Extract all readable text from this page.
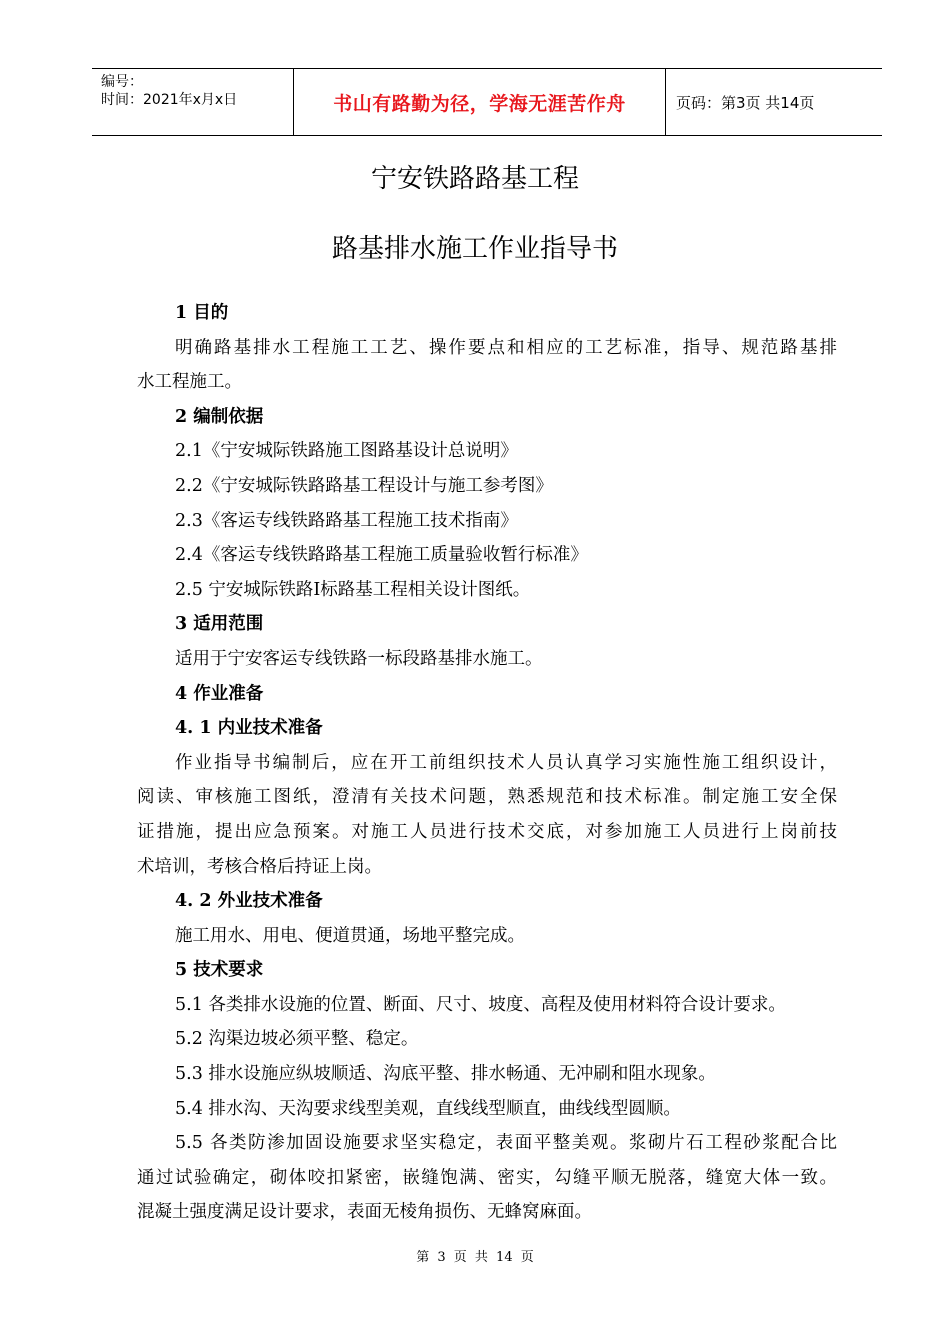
编号：
时间：2021年x月x日	书山有路勤为径，学海无涯苦作舟	页码：第3页 共14页
宁安铁路路基工程
路基排水施工作业指导书
1 目的
明确路基排水工程施工工艺、操作要点和相应的工艺标准，指导、规范路基排
水工程施工。
2 编制依据
2.1《宁安城际铁路施工图路基设计总说明》
2.2《宁安城际铁路路基工程设计与施工参考图》
2.3《客运专线铁路路基工程施工技术指南》
2.4《客运专线铁路路基工程施工质量验收暂行标准》
2.5 宁安城际铁路Ⅰ标路基工程相关设计图纸。
3 适用范围
适用于宁安客运专线铁路一标段路基排水施工。
4 作业准备
4. 1 内业技术准备
作业指导书编制后，应在开工前组织技术人员认真学习实施性施工组织设计，
阅读、审核施工图纸，澄清有关技术问题，熟悉规范和技术标准。制定施工安全保
证措施，提出应急预案。对施工人员进行技术交底，对参加施工人员进行上岗前技
术培训，考核合格后持证上岗。
4. 2 外业技术准备
施工用水、用电、便道贯通，场地平整完成。
5 技术要求
5.1 各类排水设施的位置、断面、尺寸、坡度、高程及使用材料符合设计要求。
5.2 沟渠边坡必须平整、稳定。
5.3 排水设施应纵坡顺适、沟底平整、排水畅通、无冲刷和阻水现象。
5.4 排水沟、天沟要求线型美观，直线线型顺直，曲线线型圆顺。
5.5 各类防渗加固设施要求坚实稳定，表面平整美观。浆砌片石工程砂浆配合比
通过试验确定，砌体咬扣紧密，嵌缝饱满、密实，勾缝平顺无脱落，缝宽大体一致。
混凝土强度满足设计要求，表面无棱角损伤、无蜂窝麻面。
第 3 页 共 14 页
